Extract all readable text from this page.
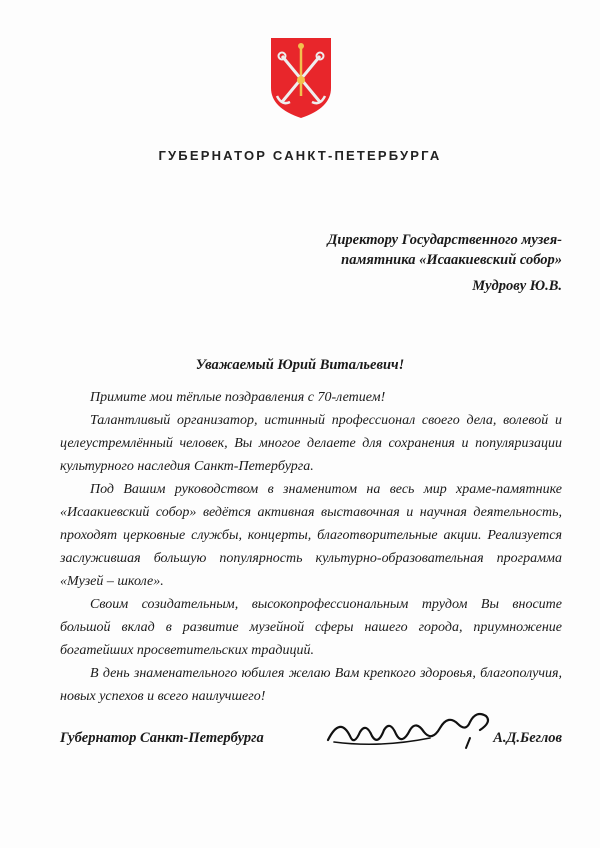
ГУБЕРНАТОР САНКТ-ПЕТЕРБУРГА
Директору Государственного музея-
памятника «Исаакиевский собор»
Мудрову Ю.В.
Уважаемый Юрий Витальевич!

Примите мои тёплые поздравления с 70-летием!

Талантливый организатор, истинный профессионал своего дела, волевой и целеустремлённый человек, Вы многое делаете для сохранения и популяризации культурного наследия Санкт-Петербурга.

Под Вашим руководством в знаменитом на весь мир храме-памятнике «Исаакиевский собор» ведётся активная выставочная и научная деятельность, проходят церковные службы, концерты, благотворительные акции. Реализуется заслужившая большую популярность культурно-образовательная программа «Музей – школе».

Своим созидательным, высокопрофессиональным трудом Вы вносите большой вклад в развитие музейной сферы нашего города, приумножение богатейших просветительских традиций.

В день знаменательного юбилея желаю Вам крепкого здоровья, благополучия, новых успехов и всего наилучшего!

Губернатор Санкт-Петербурга	А.Д.Беглов
